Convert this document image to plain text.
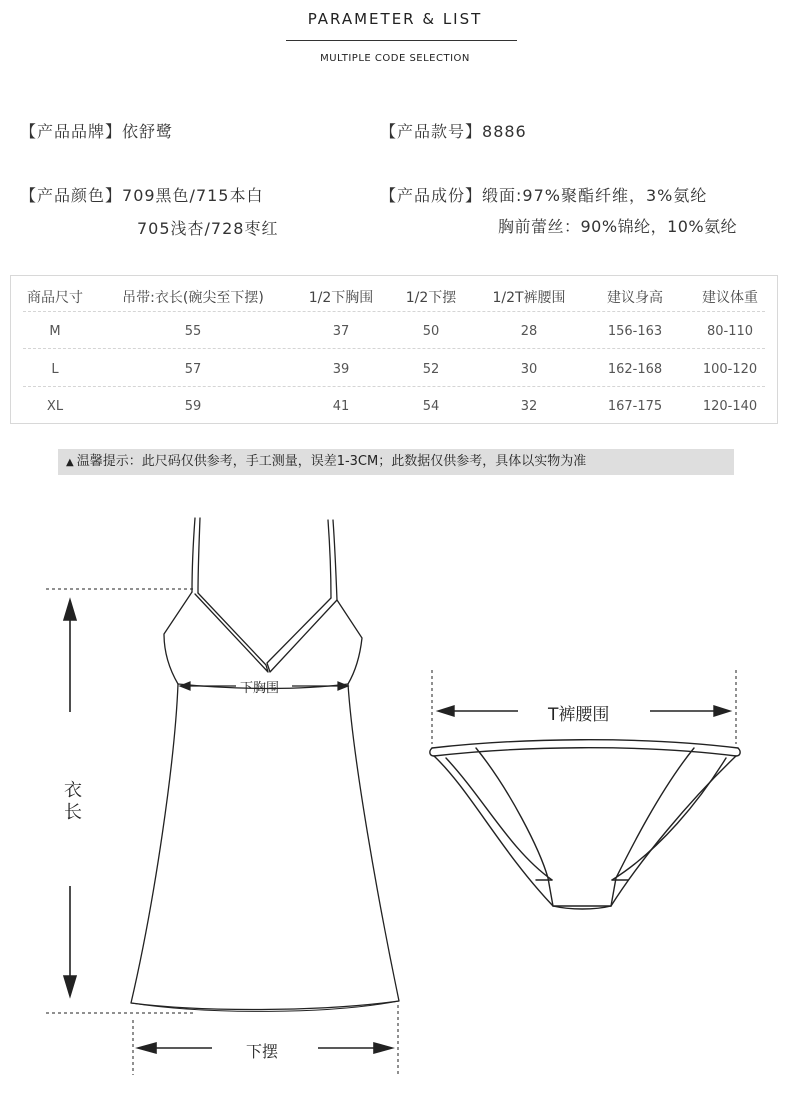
PARAMETER & LIST
MULTIPLE CODE SELECTION
【产品品牌】依舒鹭	【产品款号】8886
【产品颜色】709黑色/715本白
705浅杏/728枣红
【产品成份】缎面:97%聚酯纤维，3%氨纶
胸前蕾丝：90%锦纶，10%氨纶
商品尺寸	吊带:衣长(碗尖至下摆)	1/2下胸围	1/2下摆	1/2T裤腰围	建议身高	建议体重
M	55	37	50	28	156-163	80-110
L	57	39	52	30	162-168	100-120
XL	59	41	54	32	167-175	120-140
▲ 温馨提示：此尺码仅供参考，手工测量，误差1-3CM；此数据仅供参考，具体以实物为准
下胸围
衣长
下摆
T裤腰围
